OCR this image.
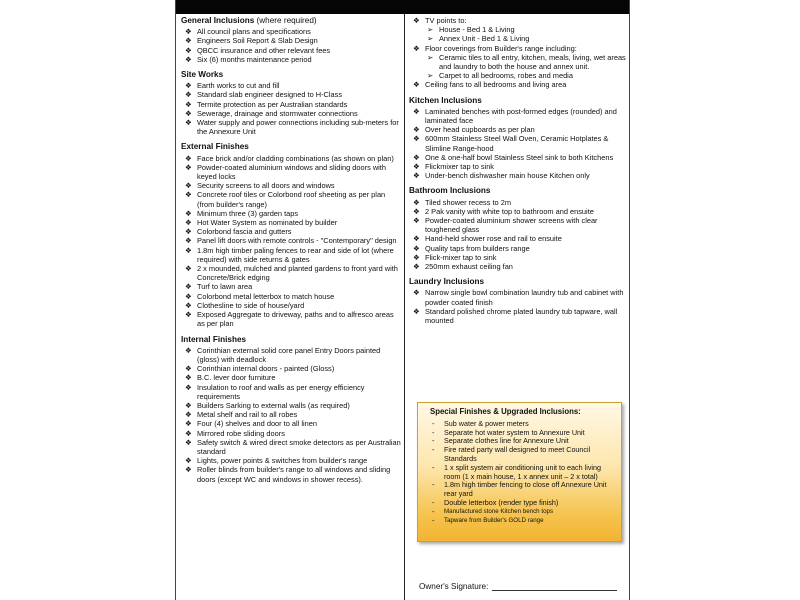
General Inclusions (where required)
❖ All council plans and specifications
❖ Engineers Soil Report & Slab Design
❖ QBCC insurance and other relevant fees
❖ Six (6) months maintenance period
Site Works
❖ Earth works to cut and fill
❖ Standard slab engineer designed to H-Class
❖ Termite protection as per Australian standards
❖ Sewerage, drainage and stormwater connections
❖ Water supply and power connections including sub-meters for the Annexure Unit
External Finishes
❖ Face brick and/or cladding combinations (as shown on plan)
❖ Powder-coated aluminium windows and sliding doors with keyed locks
❖ Security screens to all doors and windows
❖ Concrete roof tiles or Colorbond roof sheeting as per plan (from builder's range)
❖ Minimum three (3) garden taps
❖ Hot Water System as nominated by builder
❖ Colorbond fascia and gutters
❖ Panel lift doors with remote controls - "Contemporary" design
❖ 1.8m high timber paling fences to rear and side of lot (where required) with side returns & gates
❖ 2 x mounded, mulched and planted gardens to front yard with Concrete/Brick edging
❖ Turf to lawn area
❖ Colorbond metal letterbox to match house
❖ Clothesline to side of house/yard
❖ Exposed Aggregate to driveway, paths and to alfresco areas as per plan
Internal Finishes
❖ Corinthian external solid core panel Entry Doors painted (gloss) with deadlock
❖ Corinthian internal doors - painted (Gloss)
❖ B.C. lever door furniture
❖ Insulation to roof and walls as per energy efficiency requirements
❖ Builders Sarking to external walls (as required)
❖ Metal shelf and rail to all robes
❖ Four (4) shelves and door to all linen
❖ Mirrored robe sliding doors
❖ Safety switch & wired direct smoke detectors as per Australian standard
❖ Lights, power points & switches from builder's range
❖ Roller blinds from builder's range to all windows and sliding doors (except WC and windows in shower recess).
❖ TV points to:
➢ House - Bed 1 & Living
➢ Annex Unit - Bed 1 & Living
❖ Floor coverings from Builder's range including:
➢ Ceramic tiles to all entry, kitchen, meals, living, wet areas and laundry to both the house and annex unit.
➢ Carpet to all bedrooms, robes and media
❖ Ceiling fans to all bedrooms and living area
Kitchen Inclusions
❖ Laminated benches with post-formed edges (rounded) and laminated face
❖ Over head cupboards as per plan
❖ 600mm Stainless Steel Wall Oven, Ceramic Hotplates & Slimline Range-hood
❖ One & one-half bowl Stainless Steel sink to both Kitchens
❖ Flickmixer tap to sink
❖ Under-bench dishwasher main house Kitchen only
Bathroom Inclusions
❖ Tiled shower recess to 2m
❖ 2 Pak vanity with white top to bathroom and ensuite
❖ Powder-coated aluminium shower screens with clear toughened glass
❖ Hand-held shower rose and rail to ensuite
❖ Quality taps from builders range
❖ Flick-mixer tap to sink
❖ 250mm exhaust ceiling fan
Laundry Inclusions
❖ Narrow single bowl combination laundry tub and cabinet with powder coated finish
❖ Standard polished chrome plated laundry tub tapware, wall mounted
Special Finishes & Upgraded Inclusions:
- Sub water & power meters
- Separate hot water system to Annexure Unit
- Separate clothes line for Annexure Unit
- Fire rated party wall designed to meet Council Standards
- 1 x split system air conditioning unit to each living room (1 x main house, 1 x annex unit – 2 x total)
- 1.8m high timber fencing to close off Annexure Unit rear yard
- Double letterbox (render type finish)
- Manufactured stone Kitchen bench tops
- Tapware from Builder's GOLD range
Owner's Signature:
